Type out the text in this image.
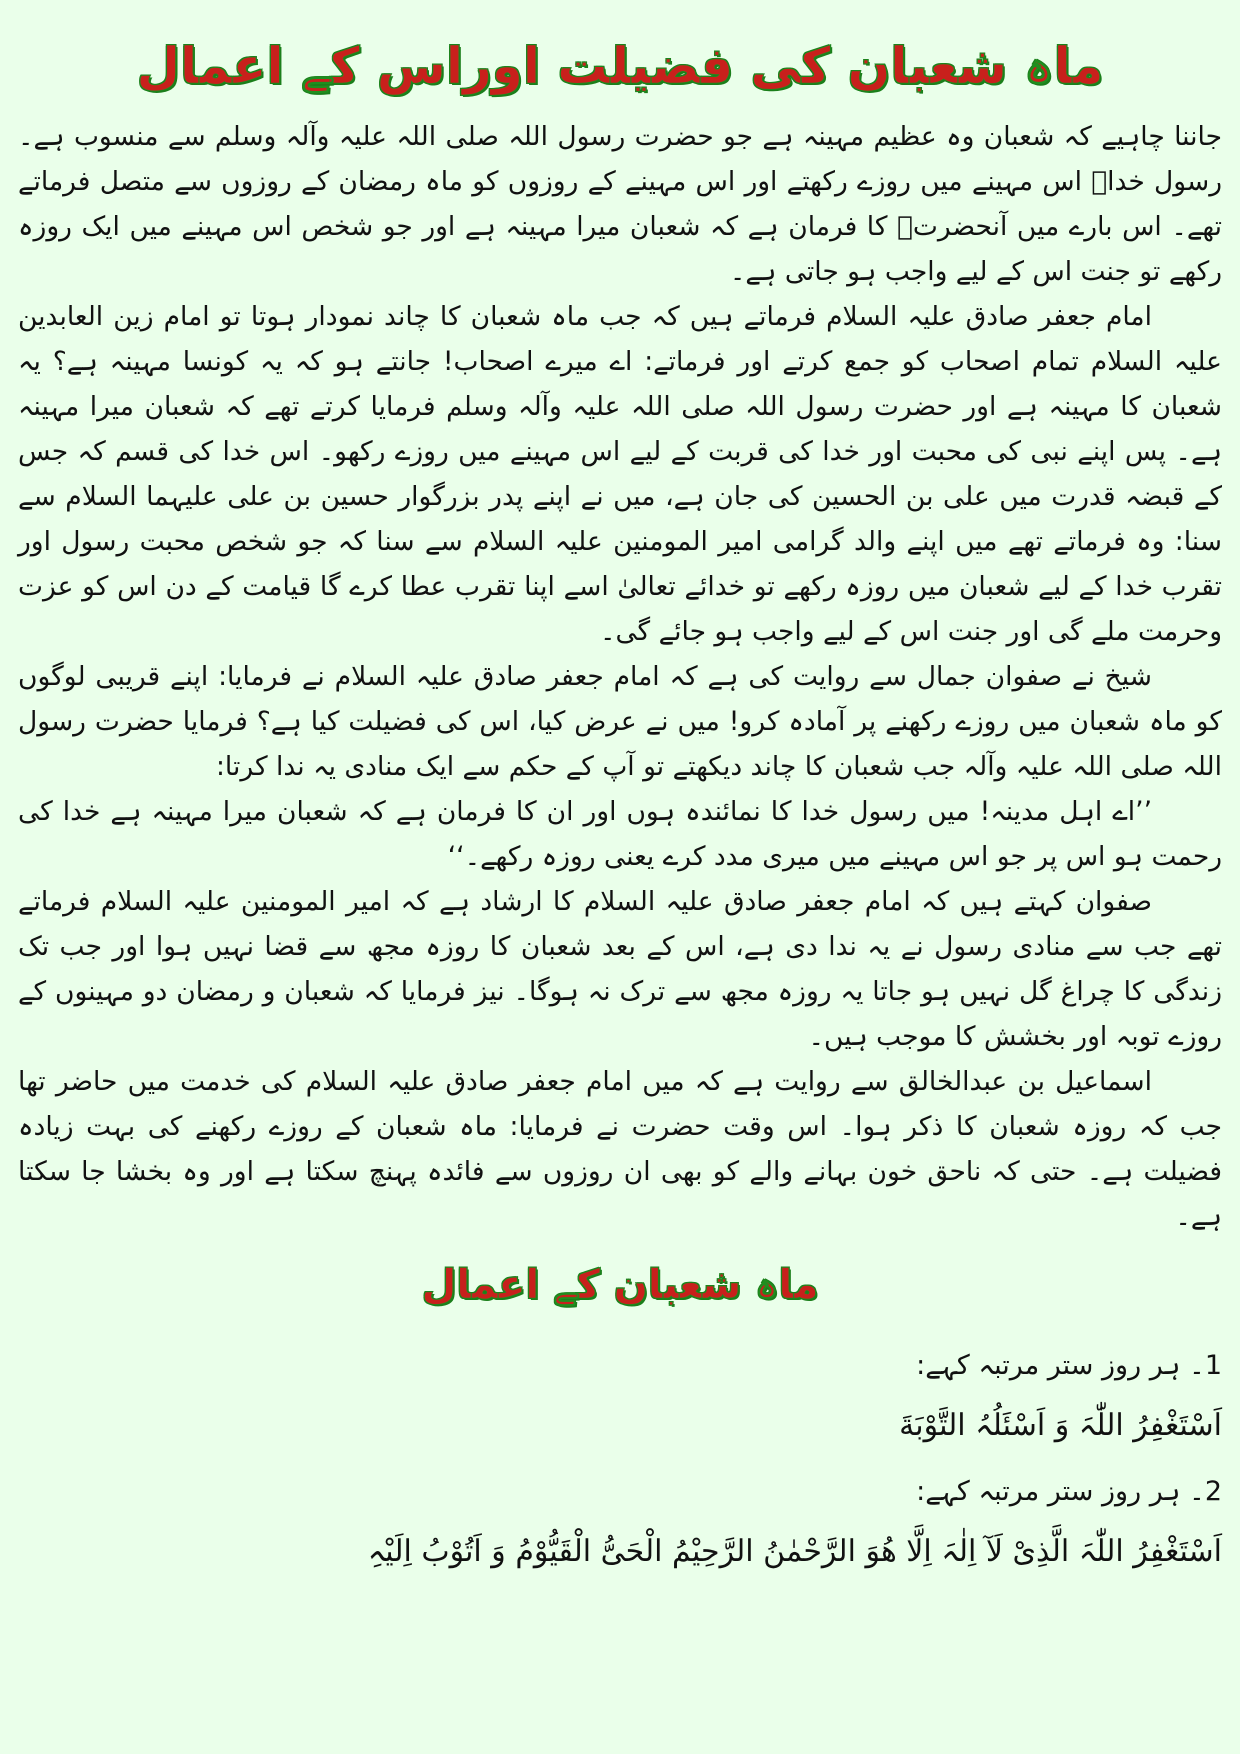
ماہ شعبان کی فضیلت اوراس کے اعمال

جاننا چاہیے کہ شعبان وہ عظیم مہینہ ہے جو حضرت رسول اللہ صلی اللہ علیہ وآلہ وسلم سے منسوب ہے۔ رسول خداؐ اس مہینے میں روزے رکھتے اور اس مہینے کے روزوں کو ماہ رمضان کے روزوں سے متصل فرماتے تھے۔ اس بارے میں آنحضرتؐ کا فرمان ہے کہ شعبان میرا مہینہ ہے اور جو شخص اس مہینے میں ایک روزہ رکھے تو جنت اس کے لیے واجب ہو جاتی ہے۔

امام جعفر صادق علیہ السلام فرماتے ہیں کہ جب ماہ شعبان کا چاند نمودار ہوتا تو امام زین العابدین علیہ السلام تمام اصحاب کو جمع کرتے اور فرماتے: اے میرے اصحاب! جانتے ہو کہ یہ کونسا مہینہ ہے؟ یہ شعبان کا مہینہ ہے اور حضرت رسول اللہ صلی اللہ علیہ وآلہ وسلم فرمایا کرتے تھے کہ شعبان میرا مہینہ ہے۔ پس اپنے نبی کی محبت اور خدا کی قربت کے لیے اس مہینے میں روزے رکھو۔ اس خدا کی قسم کہ جس کے قبضہ قدرت میں علی بن الحسین کی جان ہے، میں نے اپنے پدر بزرگوار حسین بن علی علیہما السلام سے سنا: وہ فرماتے تھے میں اپنے والد گرامی امیر المومنین علیہ السلام سے سنا کہ جو شخص محبت رسول اور تقرب خدا کے لیے شعبان میں روزہ رکھے تو خدائے تعالیٰ اسے اپنا تقرب عطا کرے گا قیامت کے دن اس کو عزت وحرمت ملے گی اور جنت اس کے لیے واجب ہو جائے گی۔

شیخ نے صفوان جمال سے روایت کی ہے کہ امام جعفر صادق علیہ السلام نے فرمایا: اپنے قریبی لوگوں کو ماہ شعبان میں روزے رکھنے پر آمادہ کرو! میں نے عرض کیا، اس کی فضیلت کیا ہے؟ فرمایا حضرت رسول اللہ صلی اللہ علیہ وآلہ جب شعبان کا چاند دیکھتے تو آپ کے حکم سے ایک منادی یہ ندا کرتا:

’’اے اہل مدینہ! میں رسول خدا کا نمائندہ ہوں اور ان کا فرمان ہے کہ شعبان میرا مہینہ ہے خدا کی رحمت ہو اس پر جو اس مہینے میں میری مدد کرے یعنی روزہ رکھے۔‘‘

صفوان کہتے ہیں کہ امام جعفر صادق علیہ السلام کا ارشاد ہے کہ امیر المومنین علیہ السلام فرماتے تھے جب سے منادی رسول نے یہ ندا دی ہے، اس کے بعد شعبان کا روزہ مجھ سے قضا نہیں ہوا اور جب تک زندگی کا چراغ گل نہیں ہو جاتا یہ روزہ مجھ سے ترک نہ ہوگا۔ نیز فرمایا کہ شعبان و رمضان دو مہینوں کے روزے توبہ اور بخشش کا موجب ہیں۔

اسماعیل بن عبدالخالق سے روایت ہے کہ میں امام جعفر صادق علیہ السلام کی خدمت میں حاضر تھا جب کہ روزہ شعبان کا ذکر ہوا۔ اس وقت حضرت نے فرمایا: ماہ شعبان کے روزے رکھنے کی بہت زیادہ فضیلت ہے۔ حتی کہ ناحق خون بہانے والے کو بھی ان روزوں سے فائدہ پہنچ سکتا ہے اور وہ بخشا جا سکتا ہے۔

ماہ شعبان کے اعمال

1۔ ہر روز ستر مرتبہ کہے:

اَسْتَغْفِرُ اللّٰہَ وَ اَسْئَلُہُ التَّوْبَةَ

2۔ ہر روز ستر مرتبہ کہے:

اَسْتَغْفِرُ اللّٰہَ الَّذِیْ لَآ اِلٰہَ اِلَّا ھُوَ الرَّحْمٰنُ الرَّحِیْمُ الْحَیُّ الْقَیُّوْمُ وَ اَتُوْبُ اِلَیْہِ
